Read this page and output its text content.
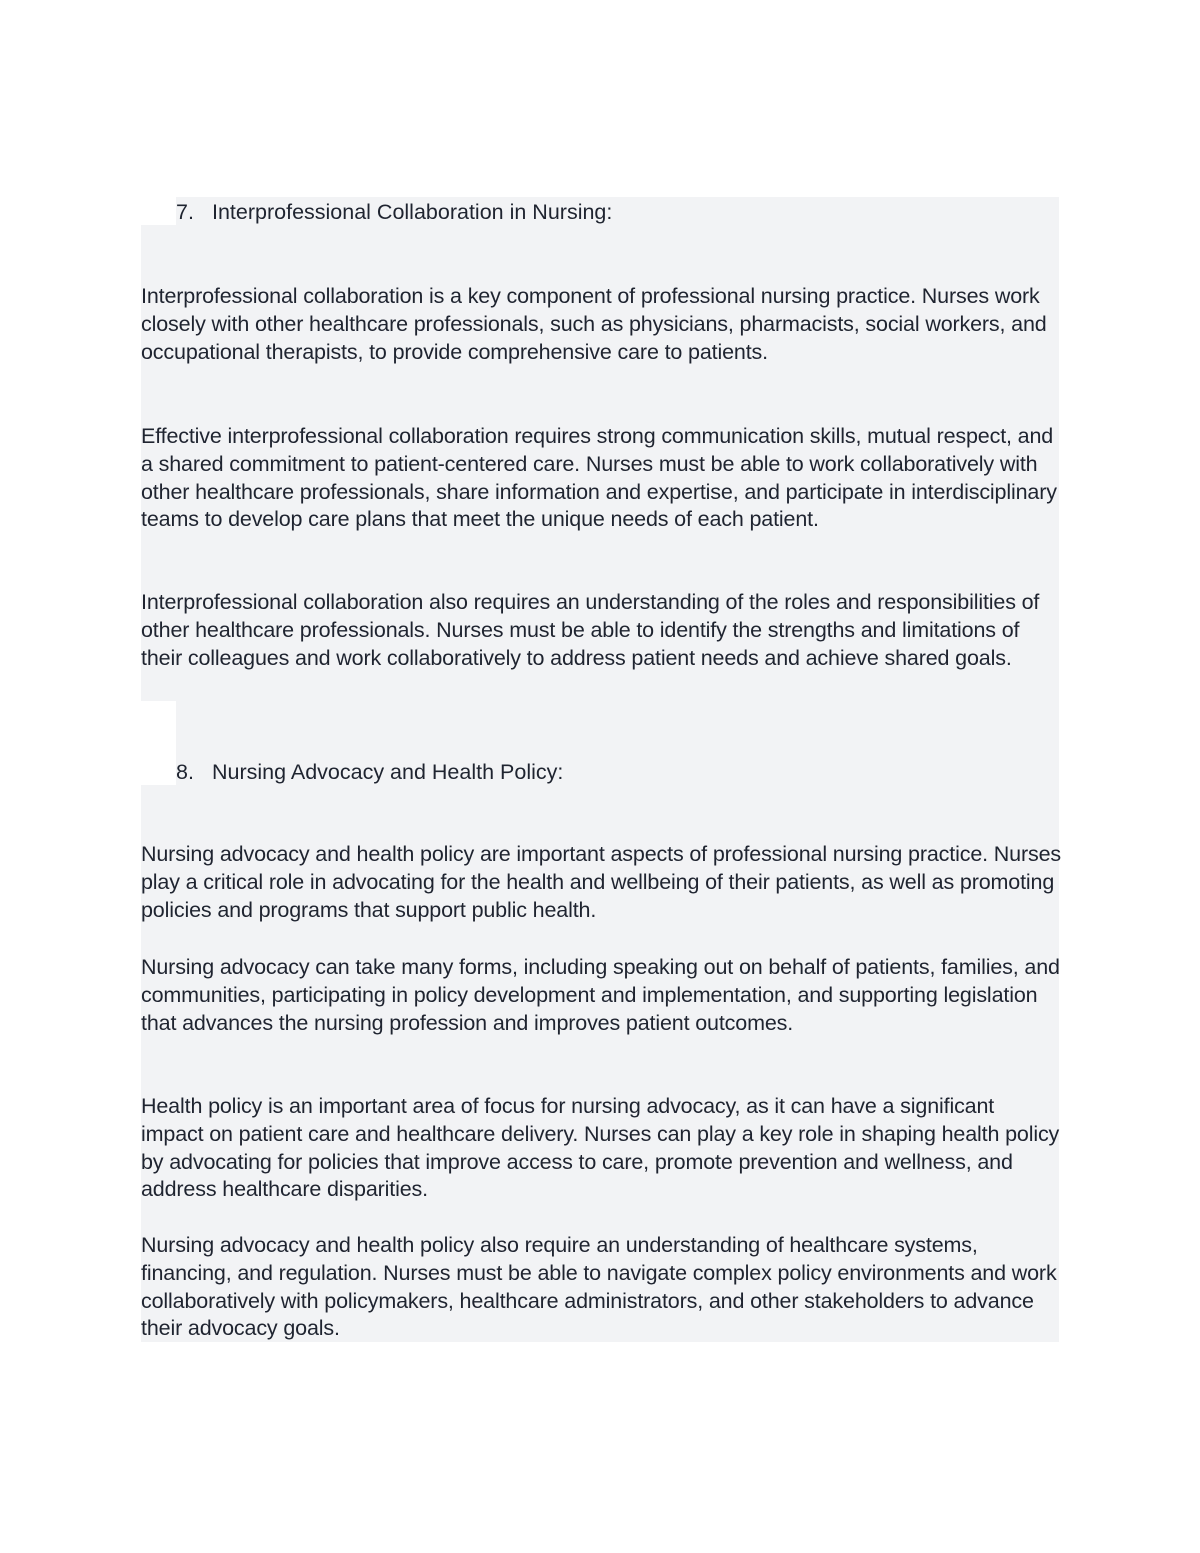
7. Interprofessional Collaboration in Nursing:

Interprofessional collaboration is a key component of professional nursing practice. Nurses work closely with other healthcare professionals, such as physicians, pharmacists, social workers, and occupational therapists, to provide comprehensive care to patients.

Effective interprofessional collaboration requires strong communication skills, mutual respect, and a shared commitment to patient-centered care. Nurses must be able to work collaboratively with other healthcare professionals, share information and expertise, and participate in interdisciplinary teams to develop care plans that meet the unique needs of each patient.

Interprofessional collaboration also requires an understanding of the roles and responsibilities of other healthcare professionals. Nurses must be able to identify the strengths and limitations of their colleagues and work collaboratively to address patient needs and achieve shared goals.

8. Nursing Advocacy and Health Policy:

Nursing advocacy and health policy are important aspects of professional nursing practice. Nurses play a critical role in advocating for the health and wellbeing of their patients, as well as promoting policies and programs that support public health.

Nursing advocacy can take many forms, including speaking out on behalf of patients, families, and communities, participating in policy development and implementation, and supporting legislation that advances the nursing profession and improves patient outcomes.

Health policy is an important area of focus for nursing advocacy, as it can have a significant impact on patient care and healthcare delivery. Nurses can play a key role in shaping health policy by advocating for policies that improve access to care, promote prevention and wellness, and address healthcare disparities.

Nursing advocacy and health policy also require an understanding of healthcare systems, financing, and regulation. Nurses must be able to navigate complex policy environments and work collaboratively with policymakers, healthcare administrators, and other stakeholders to advance their advocacy goals.
